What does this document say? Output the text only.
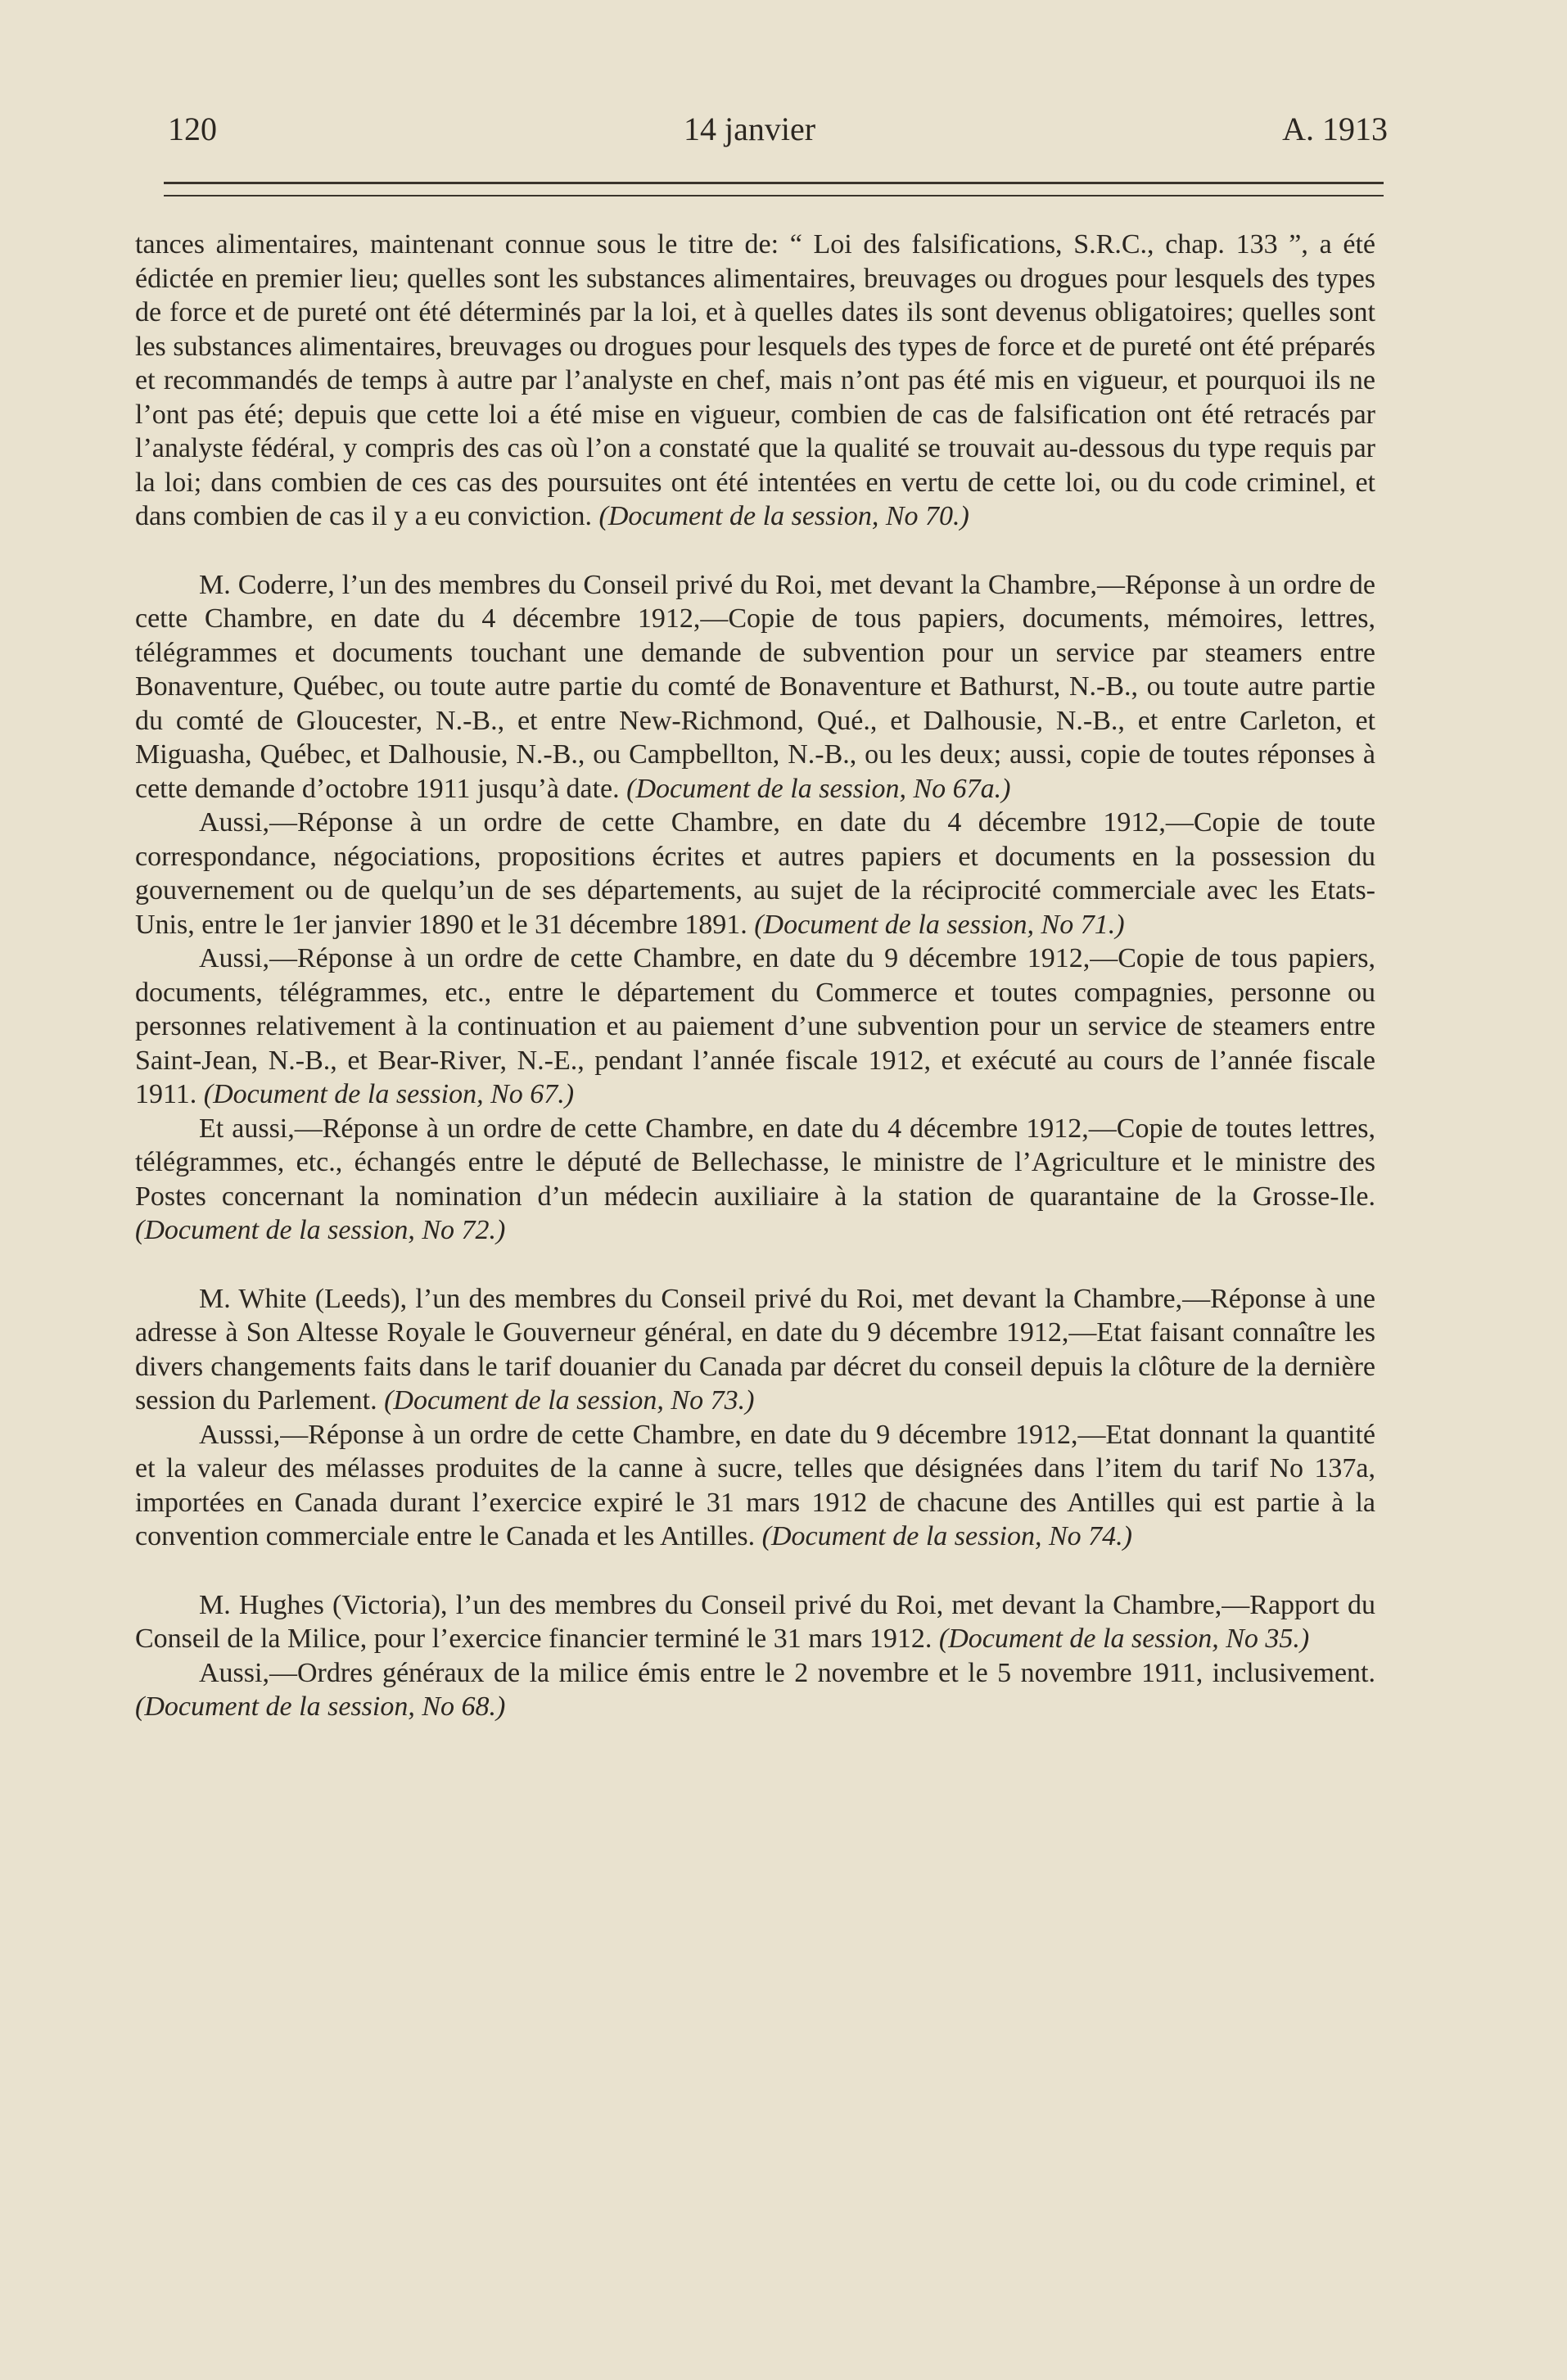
120	14 janvier	A. 1913

tances alimentaires, maintenant connue sous le titre de: “ Loi des falsifications, S.R.C., chap. 133 ”, a été édictée en premier lieu; quelles sont les substances alimentaires, breuvages ou drogues pour lesquels des types de force et de pureté ont été déterminés par la loi, et à quelles dates ils sont devenus obligatoires; quelles sont les substances alimentaires, breuvages ou drogues pour lesquels des types de force et de pureté ont été préparés et recommandés de temps à autre par l’analyste en chef, mais n’ont pas été mis en vigueur, et pourquoi ils ne l’ont pas été; depuis que cette loi a été mise en vigueur, combien de cas de falsification ont été retracés par l’analyste fédéral, y compris des cas où l’on a constaté que la qualité se trouvait au-dessous du type requis par la loi; dans combien de ces cas des poursuites ont été intentées en vertu de cette loi, ou du code criminel, et dans combien de cas il y a eu conviction. (Document de la session, No 70.)

M. Coderre, l’un des membres du Conseil privé du Roi, met devant la Chambre,—Réponse à un ordre de cette Chambre, en date du 4 décembre 1912,—Copie de tous papiers, documents, mémoires, lettres, télégrammes et documents touchant une demande de subvention pour un service par steamers entre Bonaventure, Québec, ou toute autre partie du comté de Bonaventure et Bathurst, N.-B., ou toute autre partie du comté de Gloucester, N.-B., et entre New-Richmond, Qué., et Dalhousie, N.-B., et entre Carleton, et Miguasha, Québec, et Dalhousie, N.-B., ou Campbellton, N.-B., ou les deux; aussi, copie de toutes réponses à cette demande d’octobre 1911 jusqu’à date. (Document de la session, No 67a.)

Aussi,—Réponse à un ordre de cette Chambre, en date du 4 décembre 1912,—Copie de toute correspondance, négociations, propositions écrites et autres papiers et documents en la possession du gouvernement ou de quelqu’un de ses départements, au sujet de la réciprocité commerciale avec les Etats-Unis, entre le 1er janvier 1890 et le 31 décembre 1891. (Document de la session, No 71.)

Aussi,—Réponse à un ordre de cette Chambre, en date du 9 décembre 1912,—Copie de tous papiers, documents, télégrammes, etc., entre le département du Commerce et toutes compagnies, personne ou personnes relativement à la continuation et au paiement d’une subvention pour un service de steamers entre Saint-Jean, N.-B., et Bear-River, N.-E., pendant l’année fiscale 1912, et exécuté au cours de l’année fiscale 1911. (Document de la session, No 67.)

Et aussi,—Réponse à un ordre de cette Chambre, en date du 4 décembre 1912,—Copie de toutes lettres, télégrammes, etc., échangés entre le député de Bellechasse, le ministre de l’Agriculture et le ministre des Postes concernant la nomination d’un médecin auxiliaire à la station de quarantaine de la Grosse-Ile. (Document de la session, No 72.)

M. White (Leeds), l’un des membres du Conseil privé du Roi, met devant la Chambre,—Réponse à une adresse à Son Altesse Royale le Gouverneur général, en date du 9 décembre 1912,—Etat faisant connaître les divers changements faits dans le tarif douanier du Canada par décret du conseil depuis la clôture de la dernière session du Parlement. (Document de la session, No 73.)

Ausssi,—Réponse à un ordre de cette Chambre, en date du 9 décembre 1912,—Etat donnant la quantité et la valeur des mélasses produites de la canne à sucre, telles que désignées dans l’item du tarif No 137a, importées en Canada durant l’exercice expiré le 31 mars 1912 de chacune des Antilles qui est partie à la convention commerciale entre le Canada et les Antilles. (Document de la session, No 74.)

M. Hughes (Victoria), l’un des membres du Conseil privé du Roi, met devant la Chambre,—Rapport du Conseil de la Milice, pour l’exercice financier terminé le 31 mars 1912. (Document de la session, No 35.)

Aussi,—Ordres généraux de la milice émis entre le 2 novembre et le 5 novembre 1911, inclusivement. (Document de la session, No 68.)
